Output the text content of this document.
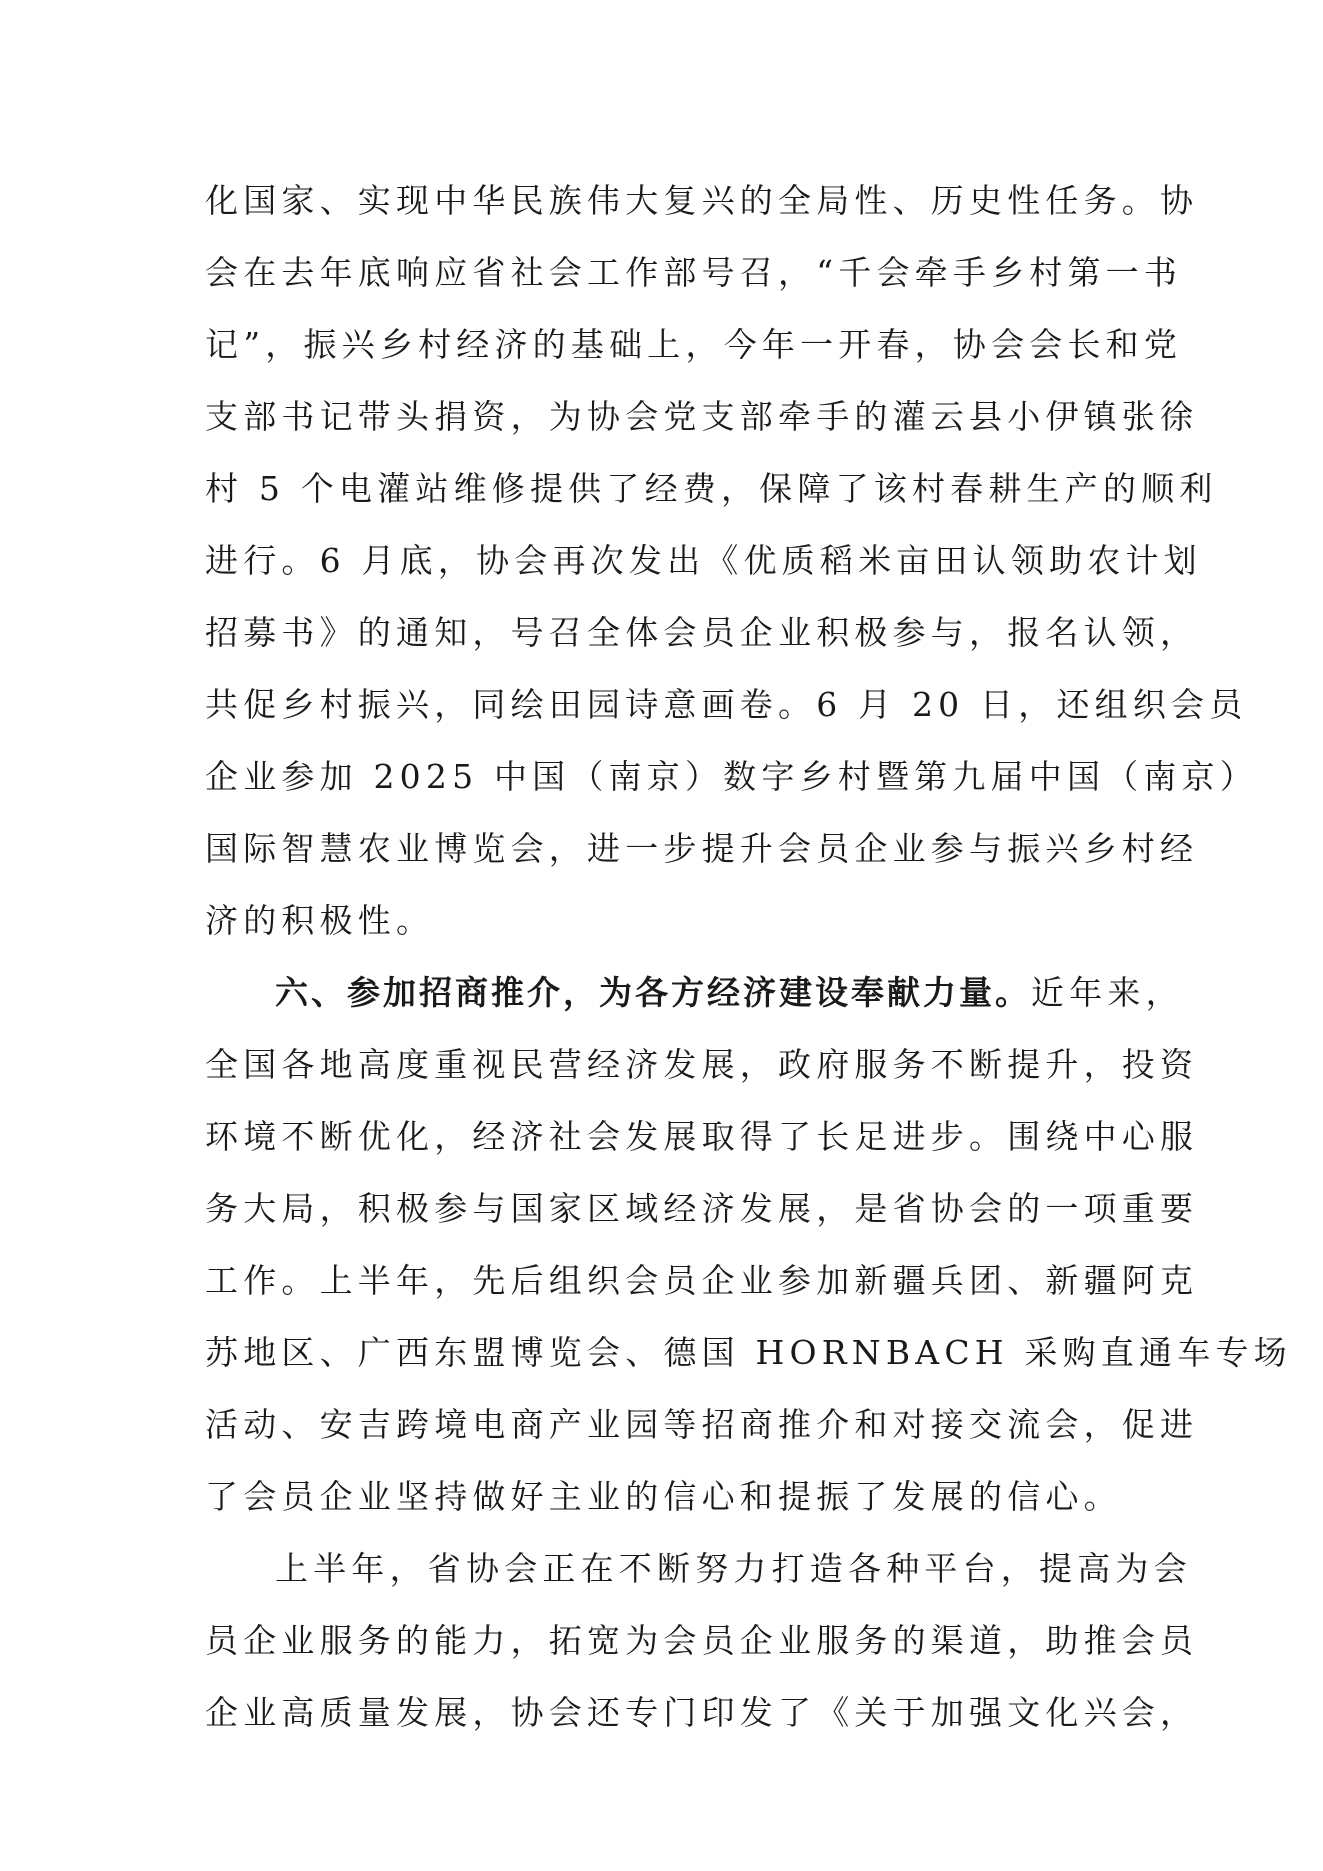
化国家、实现中华民族伟大复兴的全局性、历史性任务。协
会在去年底响应省社会工作部号召，“千会牵手乡村第一书
记”，振兴乡村经济的基础上，今年一开春，协会会长和党
支部书记带头捐资，为协会党支部牵手的灌云县小伊镇张徐
村 5 个电灌站维修提供了经费，保障了该村春耕生产的顺利
进行。6 月底，协会再次发出《优质稻米亩田认领助农计划
招募书》的通知，号召全体会员企业积极参与，报名认领，
共促乡村振兴，同绘田园诗意画卷。6 月 20 日，还组织会员
企业参加 2025 中国（南京）数字乡村暨第九届中国（南京）
国际智慧农业博览会，进一步提升会员企业参与振兴乡村经
济的积极性。
六、参加招商推介，为各方经济建设奉献力量。近年来，
全国各地高度重视民营经济发展，政府服务不断提升，投资
环境不断优化，经济社会发展取得了长足进步。围绕中心服
务大局，积极参与国家区域经济发展，是省协会的一项重要
工作。上半年，先后组织会员企业参加新疆兵团、新疆阿克
苏地区、广西东盟博览会、德国 HORNBACH 采购直通车专场
活动、安吉跨境电商产业园等招商推介和对接交流会，促进
了会员企业坚持做好主业的信心和提振了发展的信心。
上半年，省协会正在不断努力打造各种平台，提高为会
员企业服务的能力，拓宽为会员企业服务的渠道，助推会员
企业高质量发展，协会还专门印发了《关于加强文化兴会，
